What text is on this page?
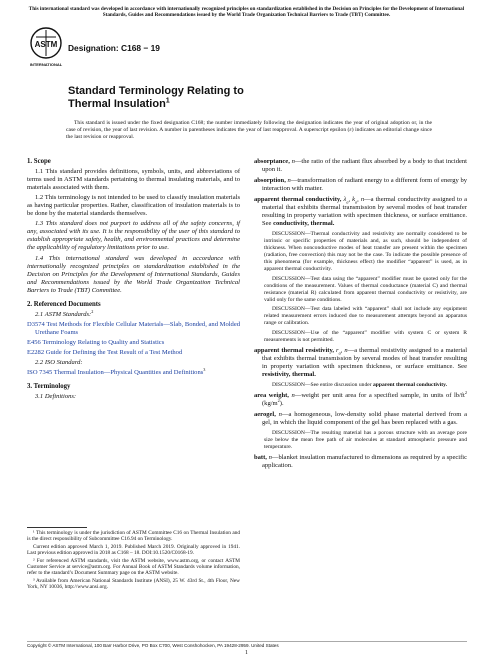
This international standard was developed in accordance with internationally recognized principles on standardization established in the Decision on Principles for the Development of International Standards, Guides and Recommendations issued by the World Trade Organization Technical Barriers to Trade (TBT) Committee.
ASTM
INTERNATIONAL
Designation: C168 − 19
Standard Terminology Relating to
Thermal Insulation$^1$
This standard is issued under the fixed designation C168; the number immediately following the designation indicates the year of original adoption or, in the case of revision, the year of last revision. A number in parentheses indicates the year of last reapproval. A superscript epsilon (ε) indicates an editorial change since the last revision or reapproval.
1. Scope

1.1 This standard provides definitions, symbols, units, and abbreviations of terms used in ASTM standards pertaining to thermal insulating materials, and to materials associated with them.

1.2 This terminology is not intended to be used to classify insulation materials as having particular properties. Rather, classification of insulation materials is to be done by the material standards themselves.

1.3 This standard does not purport to address all of the safety concerns, if any, associated with its use. It is the responsibility of the user of this standard to establish appropriate safety, health, and environmental practices and determine the applicability of regulatory limitations prior to use.

1.4 This international standard was developed in accordance with internationally recognized principles on standardization established in the Decision on Principles for the Development of International Standards, Guides and Recommendations issued by the World Trade Organization Technical Barriers to Trade (TBT) Committee.

2. Referenced Documents

2.1 ASTM Standards:$^2$

D3574 Test Methods for Flexible Cellular Materials—Slab, Bonded, and Molded Urethane Foams

E456 Terminology Relating to Quality and Statistics

E2282 Guide for Defining the Test Result of a Test Method

2.2 ISO Standard:

ISO 7345 Thermal Insulation—Physical Quantities and Definitions$^3$

3. Terminology

3.1 Definitions:

¹ This terminology is under the jurisdiction of ASTM Committee C16 on Thermal Insulation and is the direct responsibility of Subcommittee C16.94 on Terminology.

Current edition approved March 1, 2019. Published March 2019. Originally approved in 1941. Last previous edition approved in 2018 as C168 – 18. DOI:10.1520/C0168-19.

² For referenced ASTM standards, visit the ASTM website, www.astm.org, or contact ASTM Customer Service at service@astm.org. For Annual Book of ASTM Standards volume information, refer to the standard’s Document Summary page on the ASTM website.

³ Available from American National Standards Institute (ANSI), 25 W. 43rd St., 4th Floor, New York, NY 10036, http://www.ansi.org.

absorptance, n—the ratio of the radiant flux absorbed by a body to that incident upon it.

absorption, n—transformation of radiant energy to a different form of energy by interaction with matter.

apparent thermal conductivity, $\lambda_a$, $k_a$, n—a thermal conductivity assigned to a material that exhibits thermal transmission by several modes of heat transfer resulting in property variation with specimen thickness, or surface emittance. See conductivity, thermal.

DISCUSSION—Thermal conductivity and resistivity are normally considered to be intrinsic or specific properties of materials and, as such, should be independent of thickness. When nonconductive modes of heat transfer are present within the specimen (radiation, free convection) this may not be the case. To indicate the possible presence of this phenomena (for example, thickness effect) the modifier “apparent” is used, as in apparent thermal conductivity.

DISCUSSION—Test data using the “apparent” modifier must be quoted only for the conditions of the measurement. Values of thermal conductance (material C) and thermal resistance (material R) calculated from apparent thermal conductivity or resistivity, are valid only for the same conditions.

DISCUSSION—Test data labeled with “apparent” shall not include any equipment related measurement errors induced due to measurement attempts beyond an apparatus range or calibration.

DISCUSSION—Use of the “apparent” modifier with system C or system R measurements is not permitted.

apparent thermal resistivity, $r_a$, n—a thermal resistivity assigned to a material that exhibits thermal transmission by several modes of heat transfer resulting in property variation with specimen thickness, or surface emittance. See resistivity, thermal.

DISCUSSION—See entire discussion under apparent thermal conductivity.

area weight, n—weight per unit area for a specified sample, in units of $lb/ft^2$ $(kg/m^2)$.

aerogel, n—a homogeneous, low-density solid phase material derived from a gel, in which the liquid component of the gel has been replaced with a gas.

DISCUSSION—The resulting material has a porous structure with an average pore size below the mean free path of air molecules at standard atmospheric pressure and temperature.

batt, n—blanket insulation manufactured to dimensions as required by a specific application.

Copyright © ASTM International, 100 Barr Harbor Drive, PO Box C700, West Conshohocken, PA 19428-2959. United States
1
